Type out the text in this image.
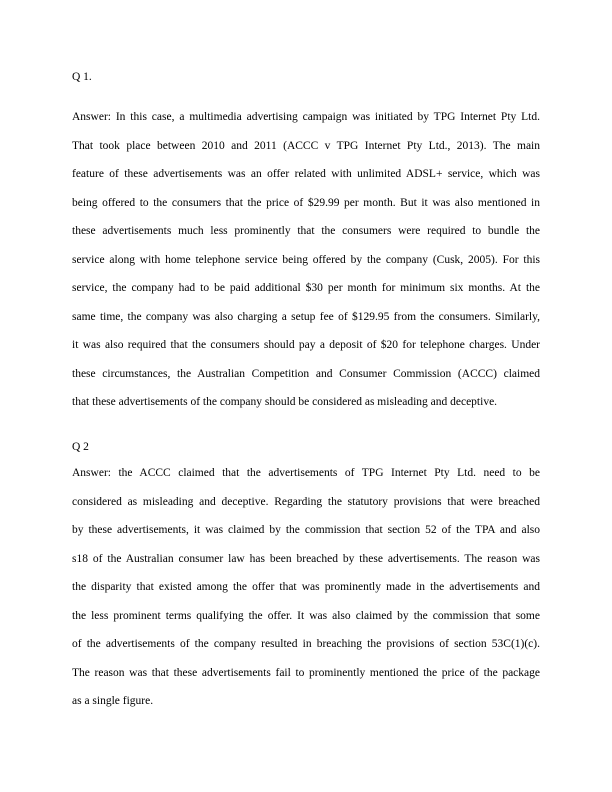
Q 1.

Answer: In this case, a multimedia advertising campaign was initiated by TPG Internet Pty Ltd.
That took place between 2010 and 2011 (ACCC v TPG Internet Pty Ltd., 2013). The main
feature of these advertisements was an offer related with unlimited ADSL+ service, which was
being offered to the consumers that the price of $29.99 per month. But it was also mentioned in
these advertisements much less prominently that the consumers were required to bundle the
service along with home telephone service being offered by the company (Cusk, 2005). For this
service, the company had to be paid additional $30 per month for minimum six months. At the
same time, the company was also charging a setup fee of $129.95 from the consumers. Similarly,
it was also required that the consumers should pay a deposit of $20 for telephone charges. Under
these circumstances, the Australian Competition and Consumer Commission (ACCC) claimed
that these advertisements of the company should be considered as misleading and deceptive.

Q 2

Answer: the ACCC claimed that the advertisements of TPG Internet Pty Ltd. need to be
considered as misleading and deceptive. Regarding the statutory provisions that were breached
by these advertisements, it was claimed by the commission that section 52 of the TPA and also
s18 of the Australian consumer law has been breached by these advertisements. The reason was
the disparity that existed among the offer that was prominently made in the advertisements and
the less prominent terms qualifying the offer. It was also claimed by the commission that some
of the advertisements of the company resulted in breaching the provisions of section 53C(1)(c).
The reason was that these advertisements fail to prominently mentioned the price of the package
as a single figure.
